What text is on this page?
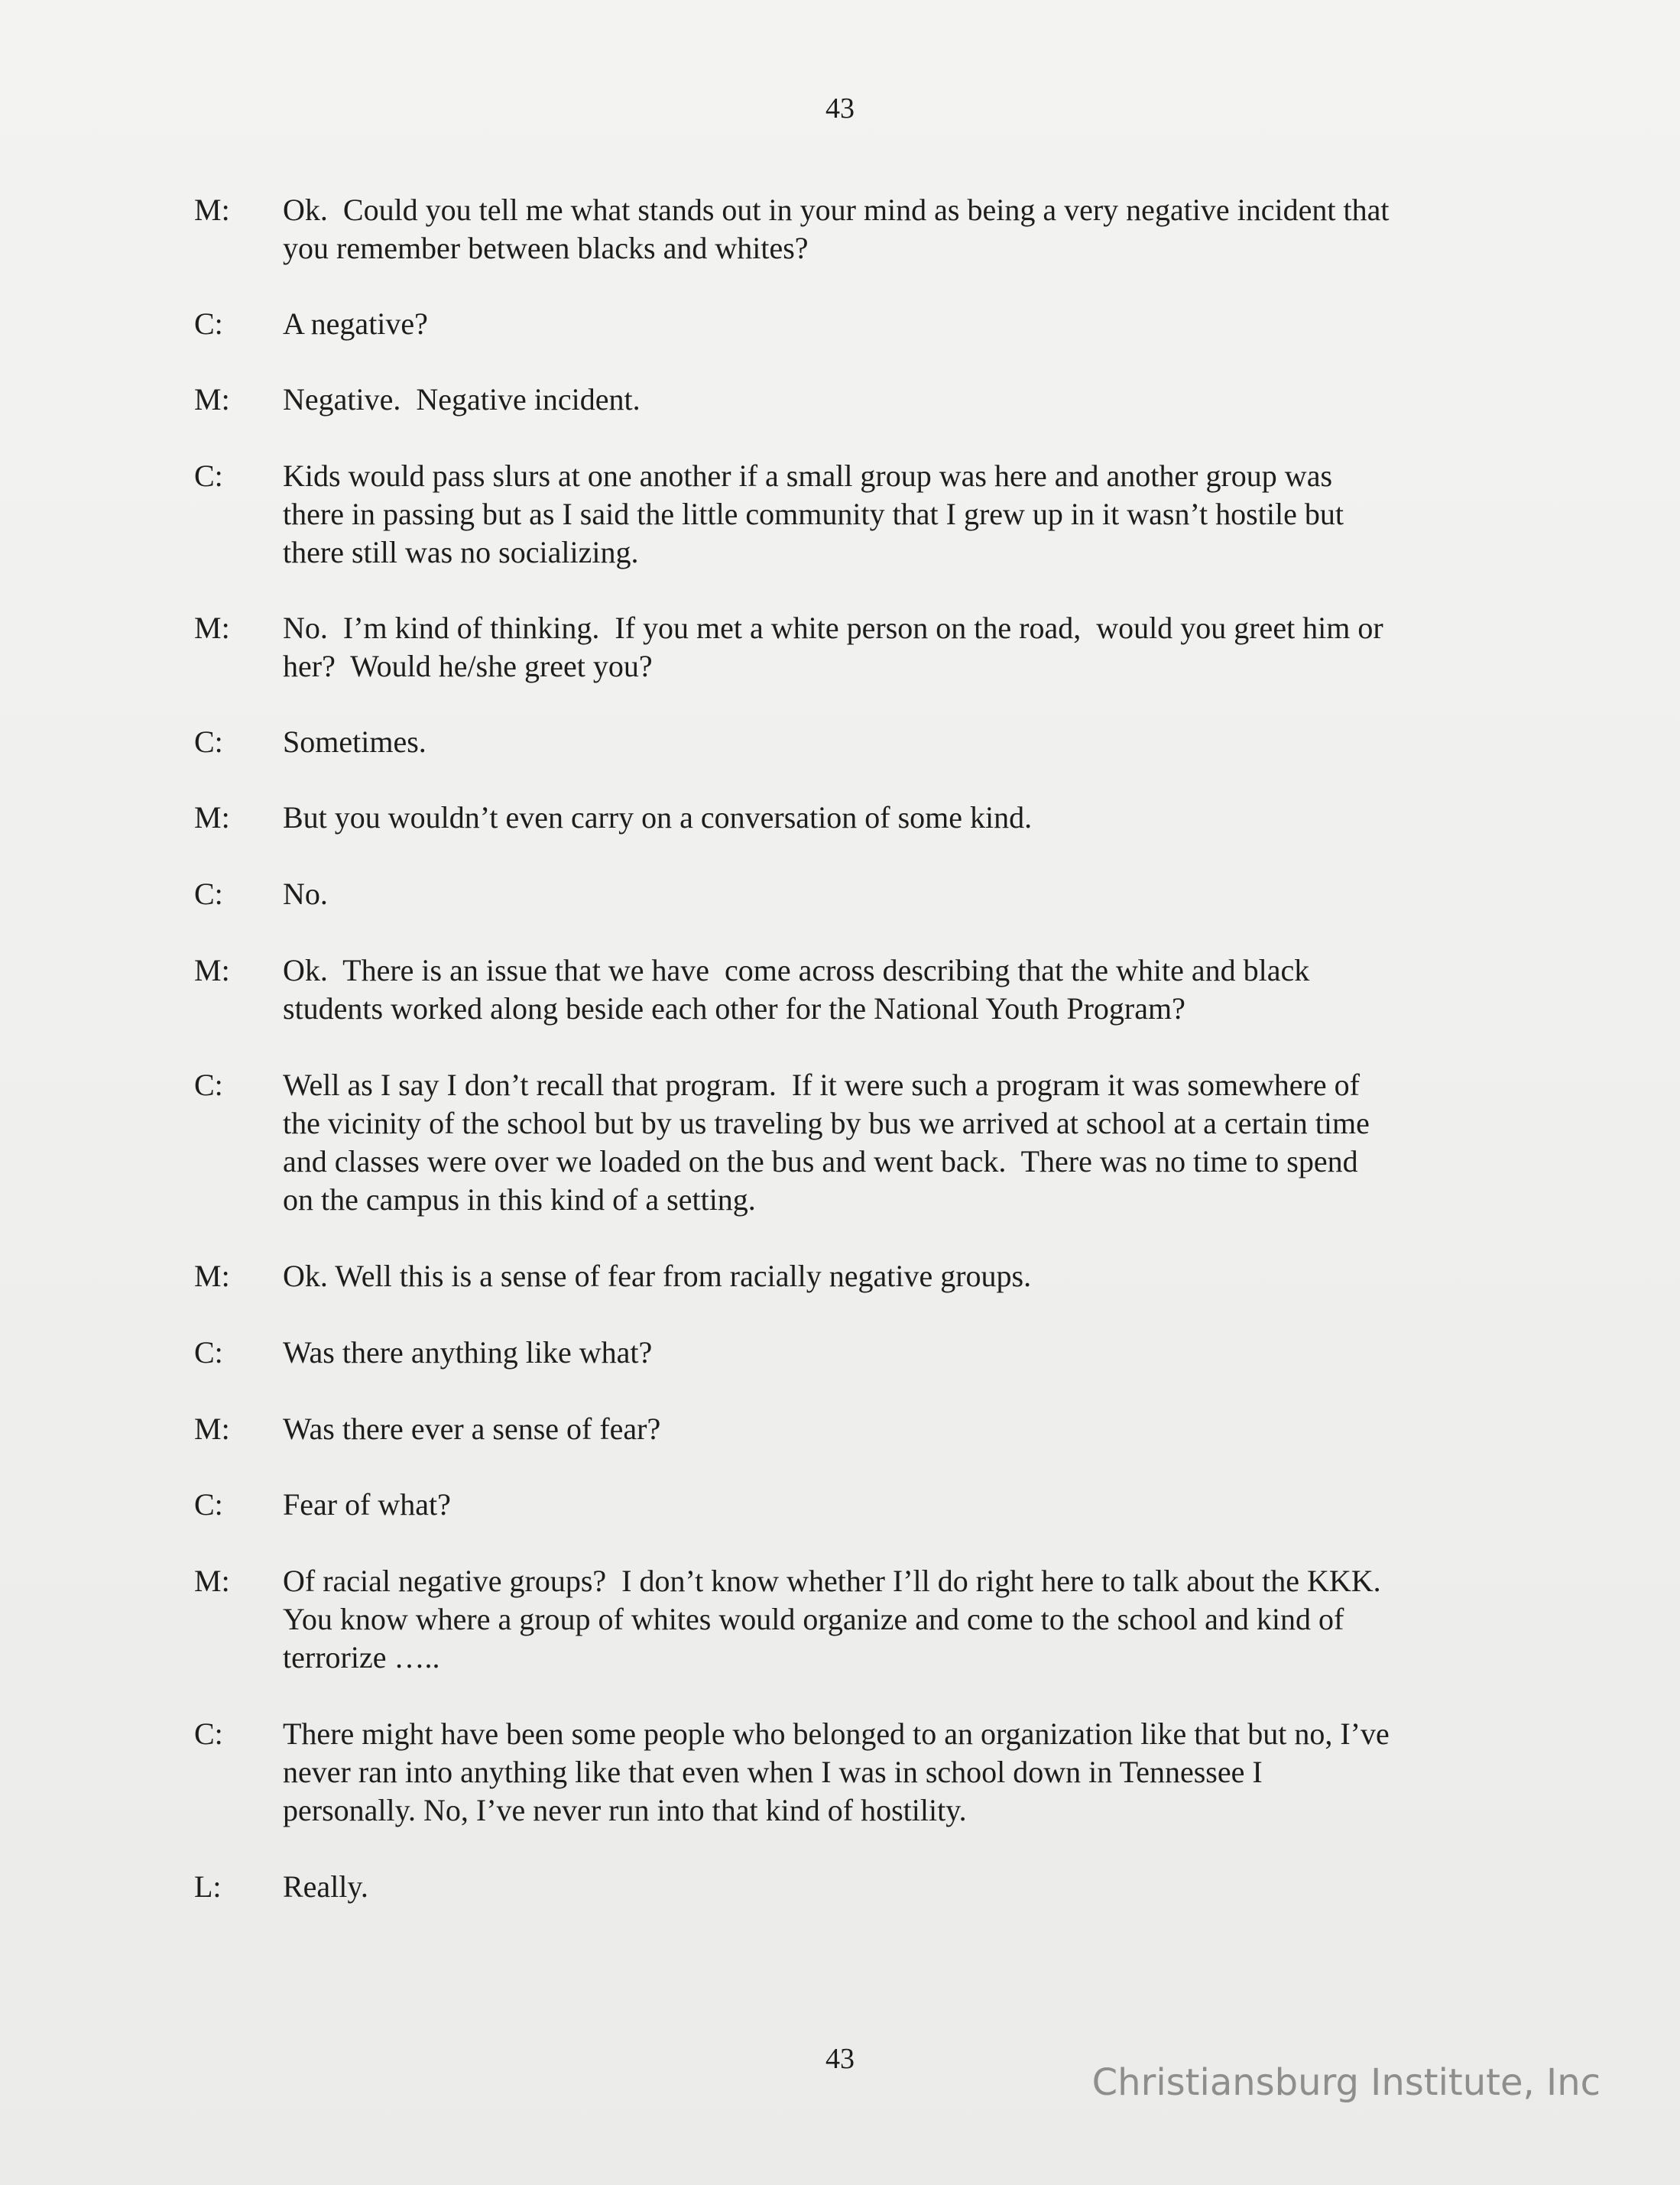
43
M:	Ok.  Could you tell me what stands out in your mind as being a very negative incident that
you remember between blacks and whites?
C:	A negative?
M:	Negative.  Negative incident.
C:	Kids would pass slurs at one another if a small group was here and another group was
there in passing but as I said the little community that I grew up in it wasn’t hostile but
there still was no socializing.
M:	No.  I’m kind of thinking.  If you met a white person on the road,  would you greet him or
her?  Would he/she greet you?
C:	Sometimes.
M:	But you wouldn’t even carry on a conversation of some kind.
C:	No.
M:	Ok.  There is an issue that we have  come across describing that the white and black
students worked along beside each other for the National Youth Program?
C:	Well as I say I don’t recall that program.  If it were such a program it was somewhere of
the vicinity of the school but by us traveling by bus we arrived at school at a certain time
and classes were over we loaded on the bus and went back.  There was no time to spend
on the campus in this kind of a setting.
M:	Ok. Well this is a sense of fear from racially negative groups.
C:	Was there anything like what?
M:	Was there ever a sense of fear?
C:	Fear of what?
M:	Of racial negative groups?  I don’t know whether I’ll do right here to talk about the KKK.
You know where a group of whites would organize and come to the school and kind of
terrorize …..
C:	There might have been some people who belonged to an organization like that but no, I’ve
never ran into anything like that even when I was in school down in Tennessee I
personally. No, I’ve never run into that kind of hostility.
L:	Really.
43
Christiansburg Institute, Inc
